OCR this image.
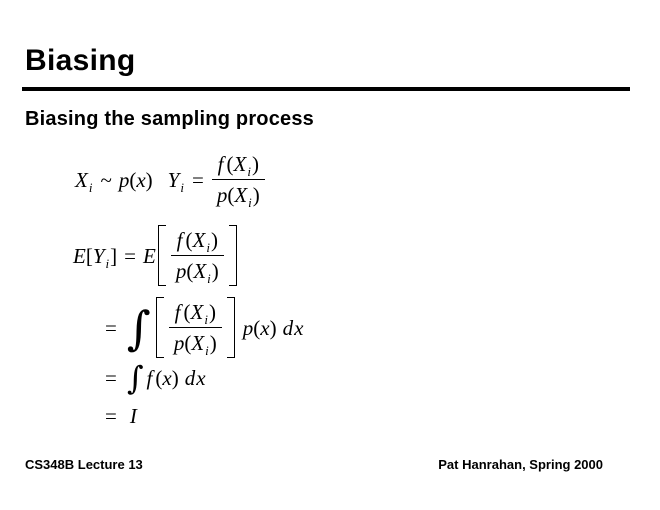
Biasing
Biasing the sampling process
$X_i$ ~ p(x) $Y_i = \frac{f (X_i)}{p(X_i)}$
$E[Y_i] = E \frac{f (X_i)}{p(X_i)}$
= ∫ $\frac{f (X_i)}{p(X_i)} p(x)$ dx
= ∫ f (x) dx
= I
CS348B Lecture 13	Pat Hanrahan, Spring 2000
